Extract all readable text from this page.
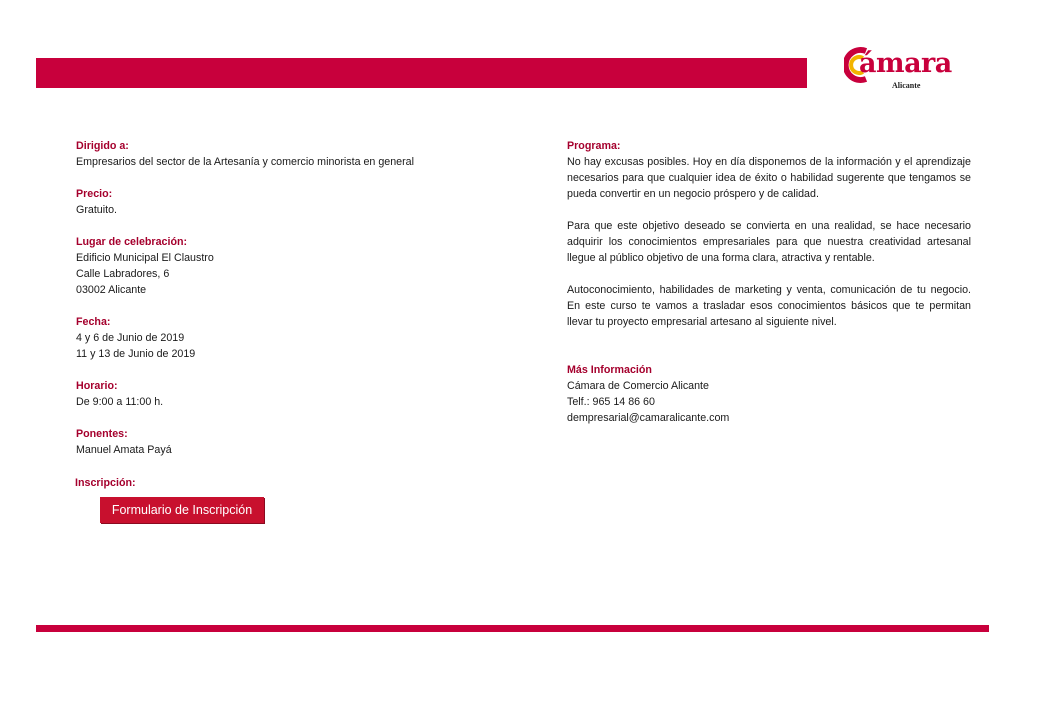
ámara
Alicante
Dirigido a:
Empresarios del sector de la Artesanía y comercio minorista en general
Precio:
Gratuito.
Lugar de celebración:
Edificio Municipal El Claustro
Calle Labradores, 6
03002 Alicante
Fecha:
4 y 6 de Junio de 2019
11 y 13 de Junio de 2019
Horario:
De 9:00 a 11:00 h.
Ponentes:
Manuel Amata Payá
Inscripción:
Formulario de Inscripción
Programa:
No hay excusas posibles. Hoy en día disponemos de la información y el aprendizaje necesarios para que cualquier idea de éxito o habilidad sugerente que tengamos se pueda convertir en un negocio próspero y de calidad.
Para que este objetivo deseado se convierta en una realidad, se hace necesario adquirir los conocimientos empresariales para que nuestra creatividad artesanal llegue al público objetivo de una forma clara, atractiva y rentable.
Autoconocimiento, habilidades de marketing y venta, comunicación de tu negocio. En este curso te vamos a trasladar esos conocimientos básicos que te permitan llevar tu proyecto empresarial artesano al siguiente nivel.
Más Información
Cámara de Comercio Alicante
Telf.: 965 14 86 60
dempresarial@camaralicante.com
